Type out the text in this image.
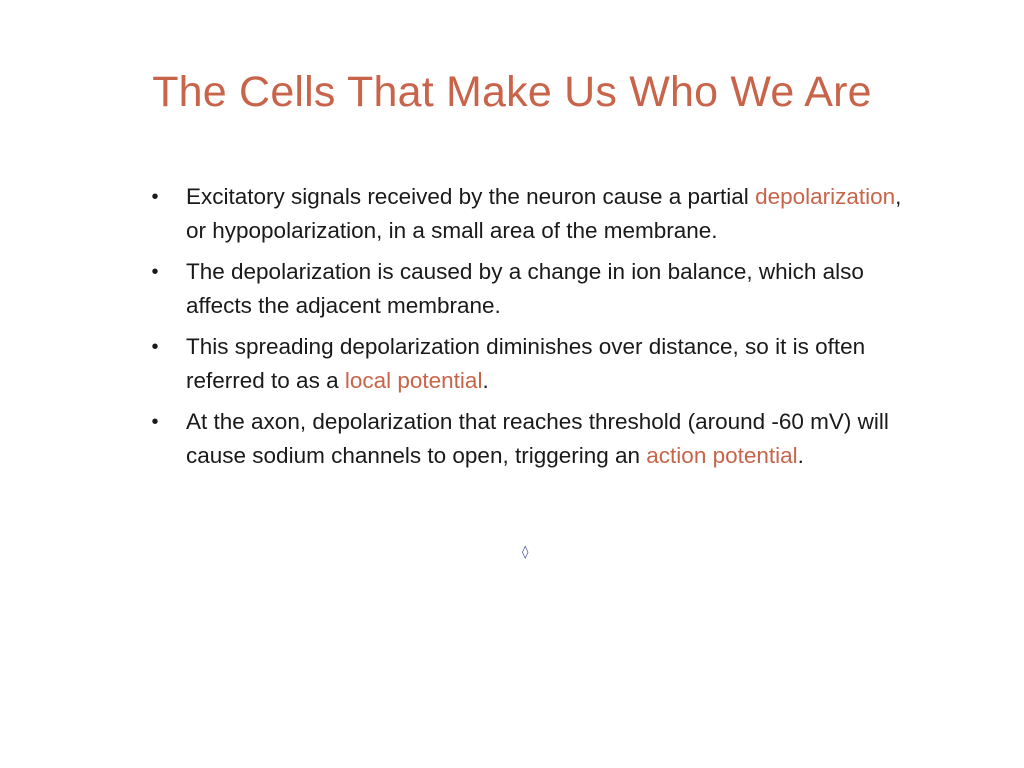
The Cells That Make Us Who We Are
• Excitatory signals received by the neuron cause a partial depolarization, or hypopolarization, in a small area of the membrane.
• The depolarization is caused by a change in ion balance, which also affects the adjacent membrane.
• This spreading depolarization diminishes over distance, so it is often referred to as a local potential.
• At the axon, depolarization that reaches threshold (around -60 mV) will cause sodium channels to open, triggering an action potential.
◊
